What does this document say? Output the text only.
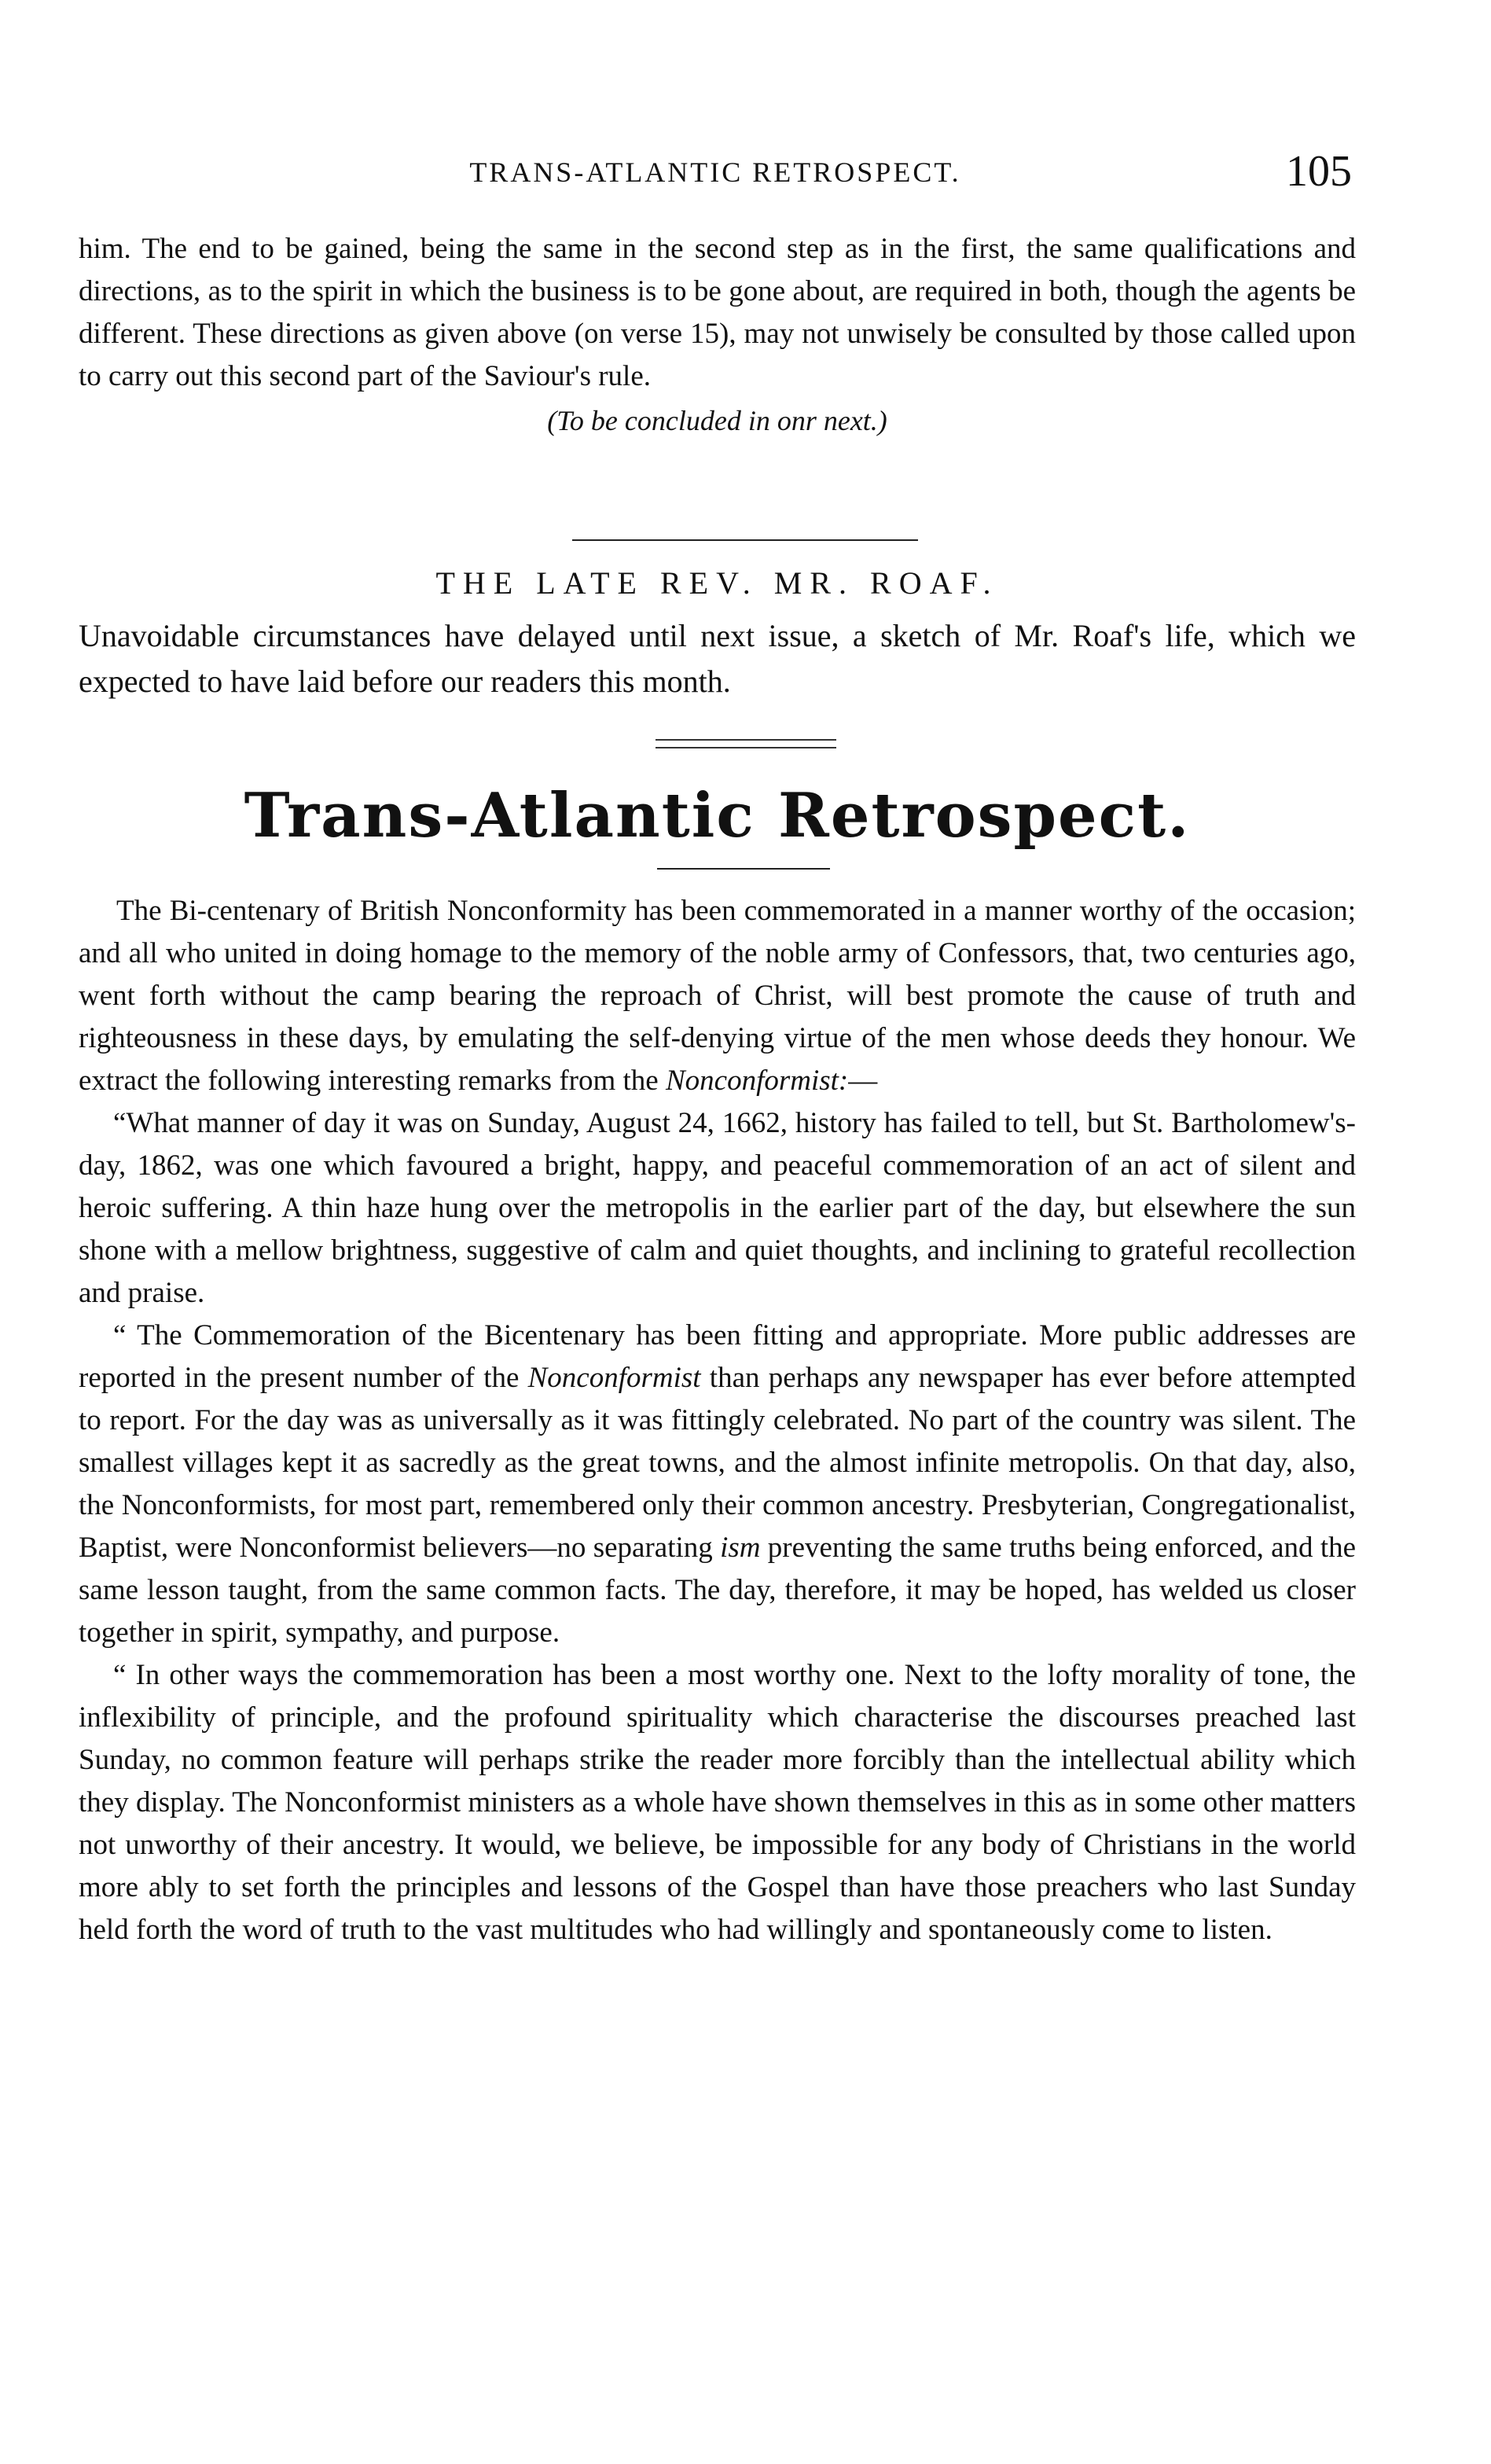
TRANS-ATLANTIC RETROSPECT.	105

him. The end to be gained, being the same in the second step as in the first, the same qualifications and directions, as to the spirit in which the business is to be gone about, are required in both, though the agents be different. These directions as given above (on verse 15), may not unwisely be consulted by those called upon to carry out this second part of the Saviour's rule.

(To be concluded in onr next.)

THE LATE REV. MR. ROAF.

Unavoidable circumstances have delayed until next issue, a sketch of Mr. Roaf's life, which we expected to have laid before our readers this month.

Trans-Atlantic Retrospect.

The Bi-centenary of British Nonconformity has been commemorated in a manner worthy of the occasion; and all who united in doing homage to the memory of the noble army of Confessors, that, two centuries ago, went forth without the camp bearing the reproach of Christ, will best promote the cause of truth and righteousness in these days, by emulating the self-denying virtue of the men whose deeds they honour. We extract the following interesting remarks from the Nonconformist:—

“What manner of day it was on Sunday, August 24, 1662, history has failed to tell, but St. Bartholomew's-day, 1862, was one which favoured a bright, happy, and peaceful commemoration of an act of silent and heroic suffering. A thin haze hung over the metropolis in the earlier part of the day, but elsewhere the sun shone with a mellow brightness, suggestive of calm and quiet thoughts, and inclining to grateful recollection and praise.

“ The Commemoration of the Bicentenary has been fitting and appropriate. More public addresses are reported in the present number of the Nonconformist than perhaps any newspaper has ever before attempted to report. For the day was as universally as it was fittingly celebrated. No part of the country was silent. The smallest villages kept it as sacredly as the great towns, and the almost infinite metropolis. On that day, also, the Nonconformists, for most part, remembered only their common ancestry. Presbyterian, Congregationalist, Baptist, were Nonconformist believers—no separating ism preventing the same truths being enforced, and the same lesson taught, from the same common facts. The day, therefore, it may be hoped, has welded us closer together in spirit, sympathy, and purpose.

“ In other ways the commemoration has been a most worthy one. Next to the lofty morality of tone, the inflexibility of principle, and the profound spirituality which characterise the discourses preached last Sunday, no common feature will perhaps strike the reader more forcibly than the intellectual ability which they display. The Nonconformist ministers as a whole have shown themselves in this as in some other matters not unworthy of their ancestry. It would, we believe, be impossible for any body of Christians in the world more ably to set forth the principles and lessons of the Gospel than have those preachers who last Sunday held forth the word of truth to the vast multitudes who had willingly and spontaneously come to listen.
